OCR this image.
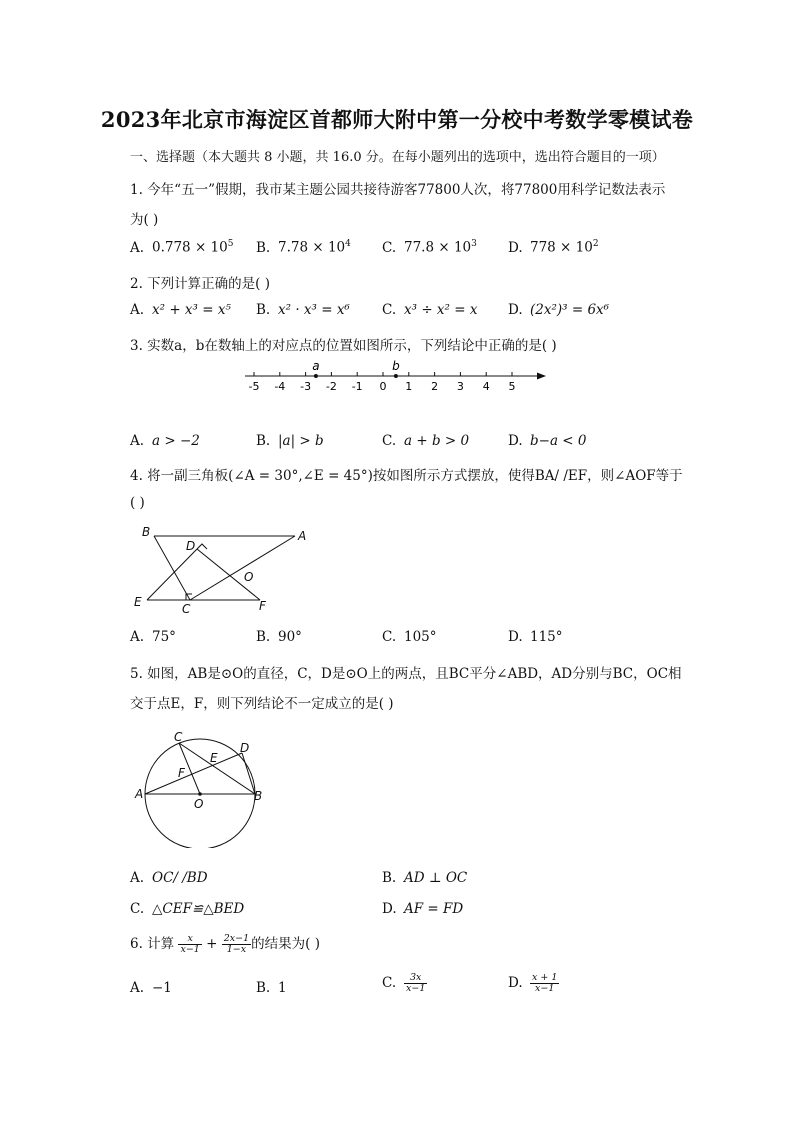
2023年北京市海淀区首都师大附中第一分校中考数学零模试卷
一、选择题（本大题共 8 小题，共 16.0 分。在每小题列出的选项中，选出符合题目的一项）
1. 今年“五一”假期，我市某主题公园共接待游客77800人次，将77800用科学记数法表示
为( )
A. $0.778 \times 10^5$ B. $7.78 \times 10^4$ C. $77.8 \times 10^3$ D. $778 \times 10^2$
2. 下列计算正确的是( )
A. x² + x³ = x⁵ B. x² · x³ = x⁶ C. x³ ÷ x² = x D. (2x²)³ = 6x⁶
3. 实数a，b在数轴上的对应点的位置如图所示，下列结论中正确的是( )
-5 -4 -3 -2 -1 0 1 2 3 4 5
a	b
A. a > −2	B. |a| > b	C. a + b > 0	D. b−a < 0
4. 将一副三角板(∠A = 30°,∠E = 45°)按如图所示方式摆放，使得BA/ /EF，则∠AOF等于
( )
B	A
D
O
E	C	F
A. 75°	B. 90°	C. 105°	D. 115°
5. 如图，AB是⊙O的直径，C，D是⊙O上的两点，且BC平分∠ABD，AD分别与BC，OC相
交于点E，F，则下列结论不一定成立的是( )
C
D
E
F
A
O
B
A. OC/ /BD	B. AD ⊥ OC
C. △CEF≌△BED	D. AF = FD
6. 计算 $\frac{x}{x-1} + \frac{2x-1}{1-x}$ 的结果为( )
A. −1	B. 1	C. $\frac{3x}{x-1}$	D. $\frac{x + 1}{x-1}$
